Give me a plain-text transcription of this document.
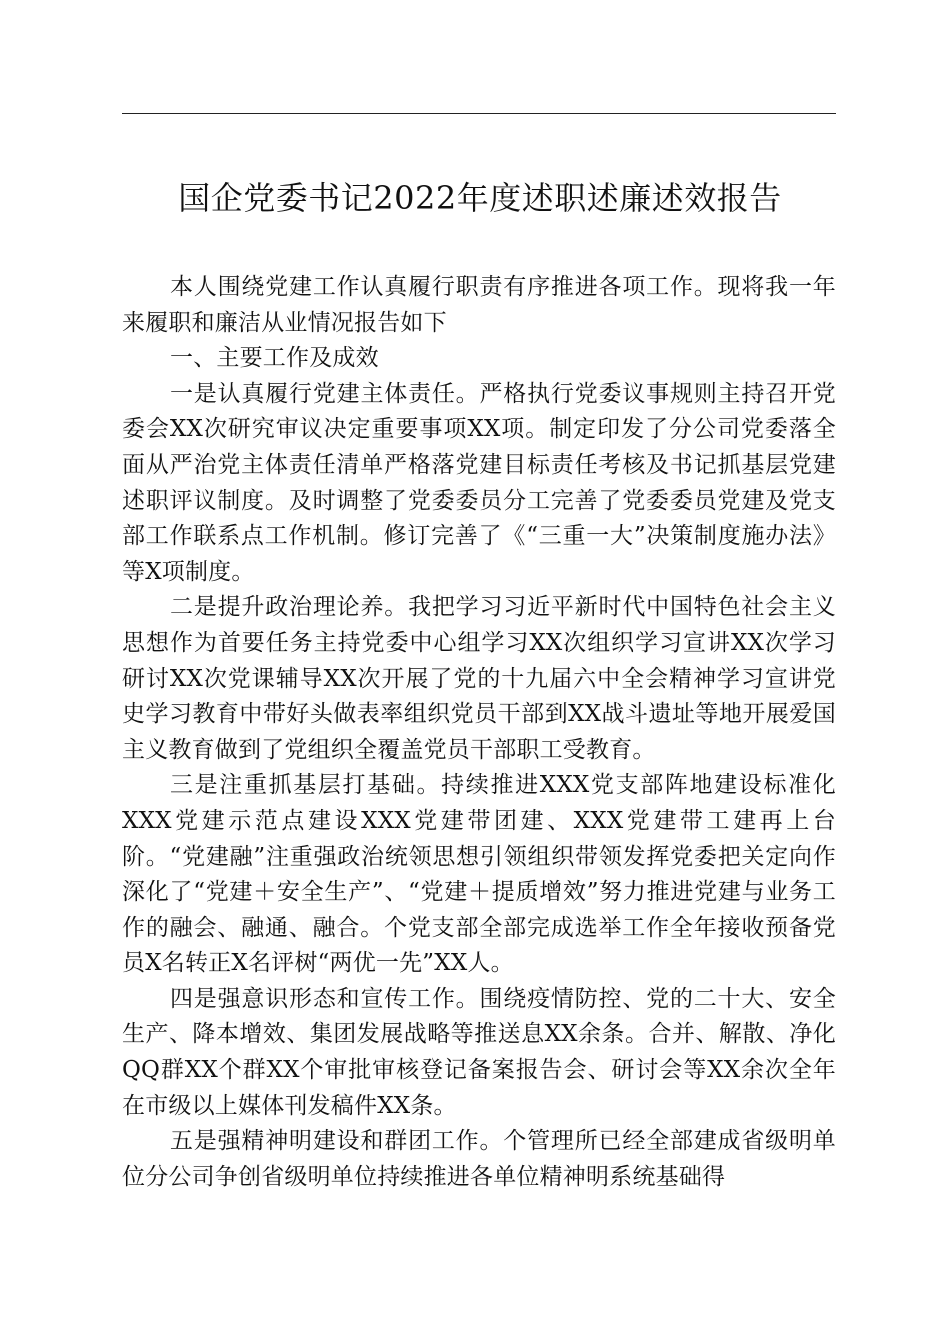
国企党委书记2022年度述职述廉述效报告

本人围绕党建工作认真履行职责有序推进各项工作。现将我一年来履职和廉洁从业情况报告如下

一、主要工作及成效

一是认真履行党建主体责任。严格执行党委议事规则主持召开党委会XX次研究审议决定重要事项XX项。制定印发了分公司党委落全面从严治党主体责任清单严格落党建目标责任考核及书记抓基层党建述职评议制度。及时调整了党委委员分工完善了党委委员党建及党支部工作联系点工作机制。修订完善了《“三重一大”决策制度施办法》等X项制度。

二是提升政治理论养。我把学习习近平新时代中国特色社会主义思想作为首要任务主持党委中心组学习XX次组织学习宣讲XX次学习研讨XX次党课辅导XX次开展了党的十九届六中全会精神学习宣讲党史学习教育中带好头做表率组织党员干部到XX战斗遗址等地开展爱国主义教育做到了党组织全覆盖党员干部职工受教育。

三是注重抓基层打基础。持续推进XXX党支部阵地建设标准化XXX党建示范点建设XXX党建带团建、XXX党建带工建再上台阶。“党建融”注重强政治统领思想引领组织带领发挥党委把关定向作深化了“党建＋安全生产”、“党建＋提质增效”努力推进党建与业务工作的融会、融通、融合。个党支部全部完成选举工作全年接收预备党员X名转正X名评树“两优一先”XX人。

四是强意识形态和宣传工作。围绕疫情防控、党的二十大、安全生产、降本增效、集团发展战略等推送息XX余条。合并、解散、净化QQ群XX个群XX个审批审核登记备案报告会、研讨会等XX余次全年在市级以上媒体刊发稿件XX条。

五是强精神明建设和群团工作。个管理所已经全部建成省级明单位分公司争创省级明单位持续推进各单位精神明系统基础得
